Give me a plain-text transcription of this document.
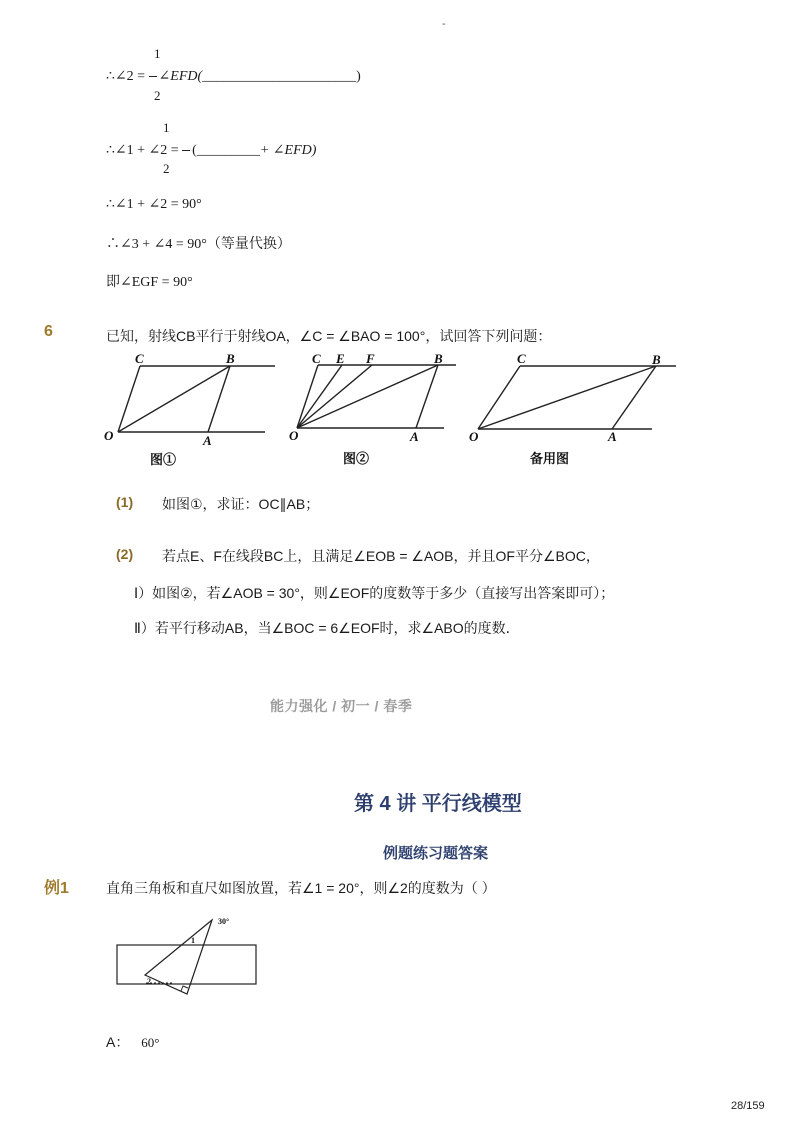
-
1
∴∠2 = ∠EFD(______________________)
2
1
∴∠1 + ∠2 = (_________+ ∠EFD)
2
∴∠1 + ∠2 = 90°
∴∠3 + ∠4 = 90°（等量代换）
即∠EGF = 90°
6	已知，射线CB平行于射线OA，∠C = ∠BAO = 100°，试回答下列问题：
C	B
O	A
C E F	B
O	A
C	B
O	A
图①	图②	备用图
(1) 如图①，求证：OC∥AB；
(2) 若点E、F在线段BC上，且满足∠EOB = ∠AOB，并且OF平分∠BOC，
Ⅰ）如图②，若∠AOB = 30°，则∠EOF的度数等于多少（直接写出答案即可）；
Ⅱ）若平行移动AB，当∠BOC = 6∠EOF时，求∠ABO的度数．
能力强化 / 初一 / 春季
第 4 讲 平行线模型
例题练习题答案
例1	直角三角板和直尺如图放置，若∠1 = 20°，则∠2的度数为（ ）
30°
1
2
A： 60°
28/159
